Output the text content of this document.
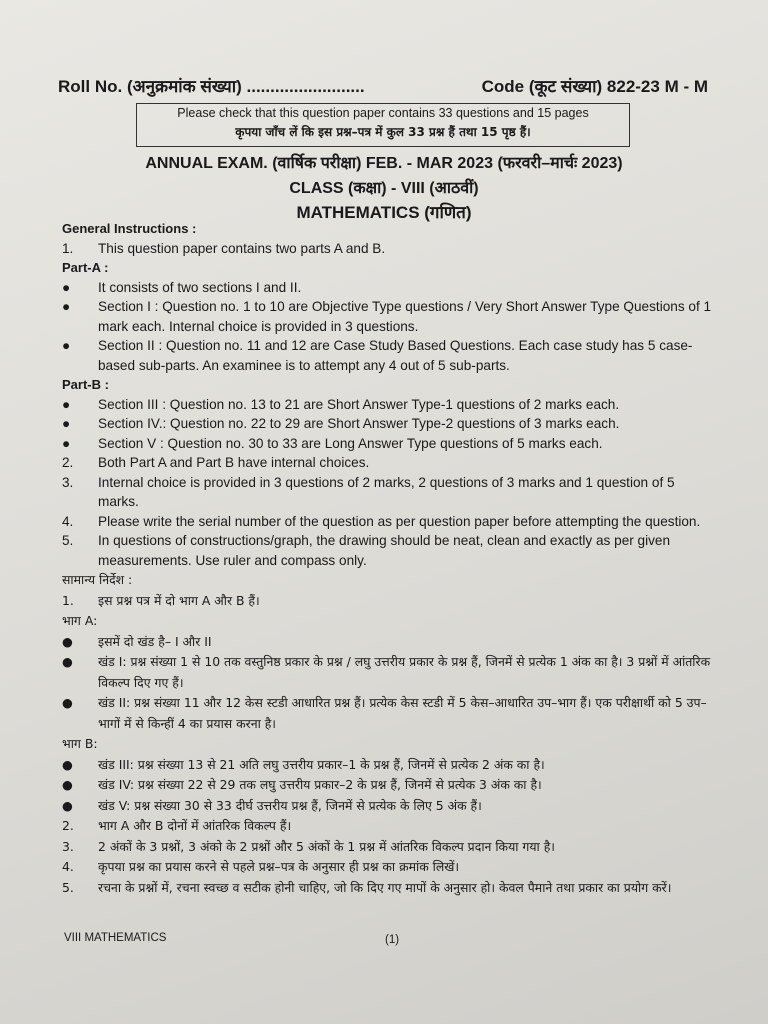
Roll No. (अनुक्रमांक संख्या) .........................	Code (कूट संख्या) 822-23 M - M
Please check that this question paper contains 33 questions and 15 pages
कृपया जाँच लें कि इस प्रश्न–पत्र में कुल 33 प्रश्न हैं तथा 15 पृष्ठ हैं।
ANNUAL EXAM. (वार्षिक परीक्षा) FEB. - MAR 2023 (फरवरी–मार्चः 2023)
CLASS (कक्षा) - VIII (आठवीं)
MATHEMATICS (गणित)
General Instructions :
1.	This question paper contains two parts A and B.
Part-A :
●	It consists of two sections I and II.
●	Section I : Question no. 1 to 10 are Objective Type questions / Very Short Answer Type Questions of 1 mark each. Internal choice is provided in 3 questions.
●	Section II : Question no. 11 and 12 are Case Study Based Questions. Each case study has 5 case-based sub-parts. An examinee is to attempt any 4 out of 5 sub-parts.
Part-B :
●	Section III : Question no. 13 to 21 are Short Answer Type-1 questions of 2 marks each.
●	Section IV.: Question no. 22 to 29 are Short Answer Type-2 questions of 3 marks each.
●	Section V : Question no. 30 to 33 are Long Answer Type questions of 5 marks each.
2.	Both Part A and Part B have internal choices.
3.	Internal choice is provided in 3 questions of 2 marks, 2 questions of 3 marks and 1 question of 5 marks.
4.	Please write the serial number of the question as per question paper before attempting the question.
5.	In questions of constructions/graph, the drawing should be neat, clean and exactly as per given measurements. Use ruler and compass only.
सामान्य निर्देश :
1.	इस प्रश्न पत्र में दो भाग A और B हैं।
भाग A:
●	इसमें दो खंड है– I और II
●	खंड I: प्रश्न संख्या 1 से 10 तक वस्तुनिष्ठ प्रकार के प्रश्न / लघु उत्तरीय प्रकार के प्रश्न हैं, जिनमें से प्रत्येक 1 अंक का है। 3 प्रश्नों में आंतरिक विकल्प दिए गए हैं।
●	खंड II: प्रश्न संख्या 11 और 12 केस स्टडी आधारित प्रश्न हैं। प्रत्येक केस स्टडी में 5 केस–आधारित उप–भाग हैं। एक परीक्षार्थी को 5 उप–भागों में से किन्हीं 4 का प्रयास करना है।
भाग B:
●	खंड III: प्रश्न संख्या 13 से 21 अति लघु उत्तरीय प्रकार–1 के प्रश्न हैं, जिनमें से प्रत्येक 2 अंक का है।
●	खंड IV: प्रश्न संख्या 22 से 29 तक लघु उत्तरीय प्रकार–2 के प्रश्न हैं, जिनमें से प्रत्येक 3 अंक का है।
●	खंड V: प्रश्न संख्या 30 से 33 दीर्घ उत्तरीय प्रश्न हैं, जिनमें से प्रत्येक के लिए 5 अंक हैं।
2.	भाग A और B दोनों में आंतरिक विकल्प हैं।
3.	2 अंकों के 3 प्रश्नों, 3 अंको के 2 प्रश्नों और 5 अंकों के 1 प्रश्न में आंतरिक विकल्प प्रदान किया गया है।
4.	कृपया प्रश्न का प्रयास करने से पहले प्रश्न–पत्र के अनुसार ही प्रश्न का क्रमांक लिखें।
5.	रचना के प्रश्नों में, रचना स्वच्छ व सटीक होनी चाहिए, जो कि दिए गए मापों के अनुसार हो। केवल पैमाने तथा प्रकार का प्रयोग करें।
VIII MATHEMATICS	(1)
